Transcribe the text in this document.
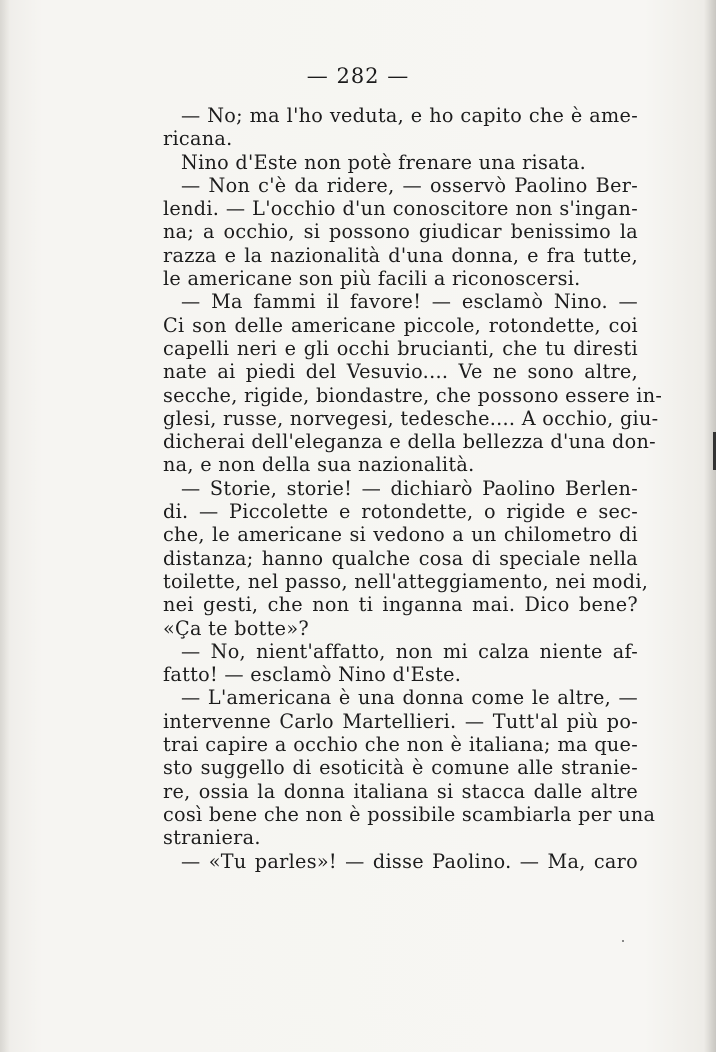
— 282 —
— No; ma l'ho veduta, e ho capito che è ame-
ricana.
Nino d'Este non potè frenare una risata.
— Non c'è da ridere, — osservò Paolino Ber-
lendi. — L'occhio d'un conoscitore non s'ingan-
na; a occhio, si possono giudicar benissimo la
razza e la nazionalità d'una donna, e fra tutte,
le americane son più facili a riconoscersi.
— Ma fammi il favore! — esclamò Nino. —
Ci son delle americane piccole, rotondette, coi
capelli neri e gli occhi brucianti, che tu diresti
nate ai piedi del Vesuvio.... Ve ne sono altre,
secche, rigide, biondastre, che possono essere in-
glesi, russe, norvegesi, tedesche.... A occhio, giu-
dicherai dell'eleganza e della bellezza d'una don-
na, e non della sua nazionalità.
— Storie, storie! — dichiarò Paolino Berlen-
di. — Piccolette e rotondette, o rigide e sec-
che, le americane si vedono a un chilometro di
distanza; hanno qualche cosa di speciale nella
toilette, nel passo, nell'atteggiamento, nei modi,
nei gesti, che non ti inganna mai. Dico bene?
«Ça te botte»?
— No, nient'affatto, non mi calza niente af-
fatto! — esclamò Nino d'Este.
— L'americana è una donna come le altre, —
intervenne Carlo Martellieri. — Tutt'al più po-
trai capire a occhio che non è italiana; ma que-
sto suggello di esoticità è comune alle stranie-
re, ossia la donna italiana si stacca dalle altre
così bene che non è possibile scambiarla per una
straniera.
— «Tu parles»! — disse Paolino. — Ma, caro
